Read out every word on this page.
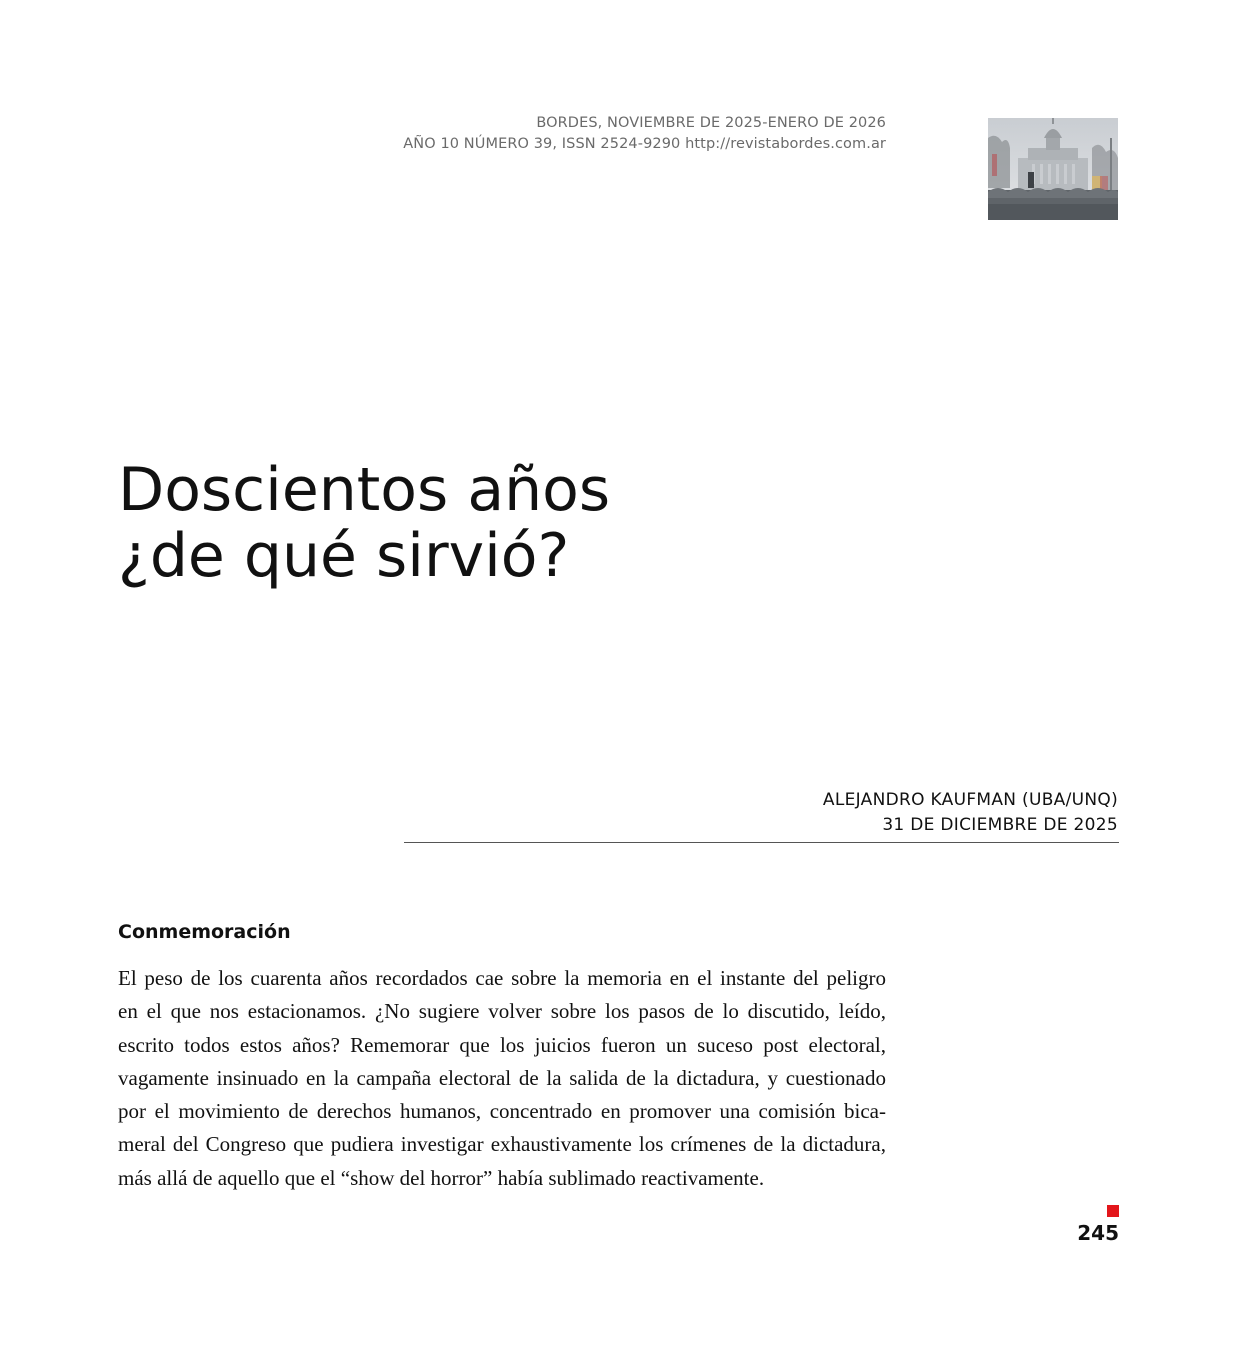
BORDES, NOVIEMBRE DE 2025-ENERO DE 2026
AÑO 10 NÚMERO 39, ISSN 2524-9290 http://revistabordes.com.ar
Doscientos años
¿de qué sirvió?
ALEJANDRO KAUFMAN (UBA/UNQ)
31 DE DICIEMBRE DE 2025
Conmemoración

El peso de los cuarenta años recordados cae sobre la memoria en el instante del peligro
en el que nos estacionamos. ¿No sugiere volver sobre los pasos de lo discutido, leído,
escrito todos estos años? Rememorar que los juicios fueron un suceso post electoral,
vagamente insinuado en la campaña electoral de la salida de la dictadura, y cuestionado
por el movimiento de derechos humanos, concentrado en promover una comisión bica-
meral del Congreso que pudiera investigar exhaustivamente los crímenes de la dictadura,
más allá de aquello que el “show del horror” había sublimado reactivamente.

245
